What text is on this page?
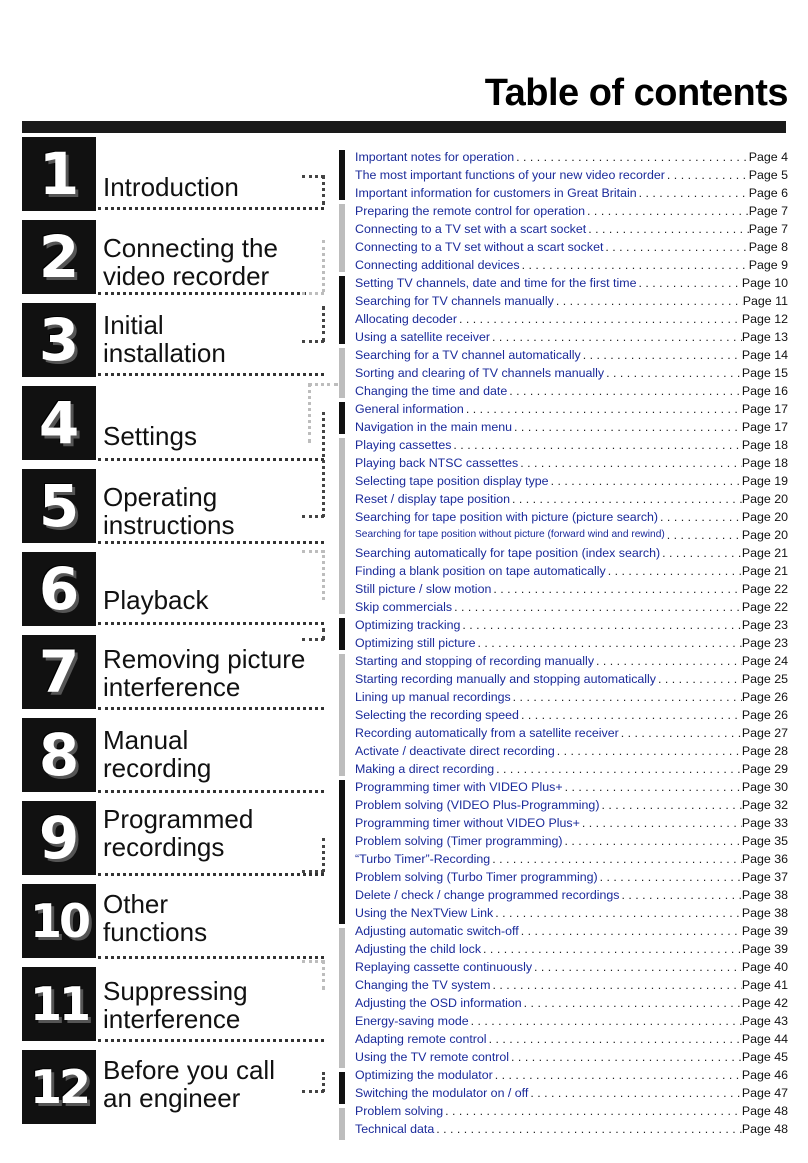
Table of contents
1 Introduction
2 Connecting the
video recorder
3 Initial
installation
4 Settings
5 Operating
instructions
6 Playback
7 Removing picture
interference
8 Manual
recording
9 Programmed
recordings
10 Other
functions
11 Suppressing
interference
12 Before you call
an engineer
Important notes for operation . . .	Page 4
The most important functions of your new video recorder . . .	Page 5
Important information for customers in Great Britain . . .	Page 6
Preparing the remote control for operation . . .	Page 7
Connecting to a TV set with a scart socket . . .	Page 7
Connecting to a TV set without a scart socket . . .	Page 8
Connecting additional devices . . .	Page 9
Setting TV channels, date and time for the first time . . .	Page 10
Searching for TV channels manually . . .	Page 11
Allocating decoder . . .	Page 12
Using a satellite receiver . . .	Page 13
Searching for a TV channel automatically . . .	Page 14
Sorting and clearing of TV channels manually . . .	Page 15
Changing the time and date . . .	Page 16
General information . . .	Page 17
Navigation in the main menu . . .	Page 17
Playing cassettes . . .	Page 18
Playing back NTSC cassettes . . .	Page 18
Selecting tape position display type . . .	Page 19
Reset / display tape position . . .	Page 20
Searching for tape position with picture (picture search) . . .	Page 20
Searching for tape position without picture (forward wind and rewind) . . .	Page 20
Searching automatically for tape position (index search) . . .	Page 21
Finding a blank position on tape automatically . . .	Page 21
Still picture / slow motion . . .	Page 22
Skip commercials . . .	Page 22
Optimizing tracking . . .	Page 23
Optimizing still picture . . .	Page 23
Starting and stopping of recording manually . . .	Page 24
Starting recording manually and stopping automatically . . .	Page 25
Lining up manual recordings . . .	Page 26
Selecting the recording speed . . .	Page 26
Recording automatically from a satellite receiver . . .	Page 27
Activate / deactivate direct recording . . .	Page 28
Making a direct recording . . .	Page 29
Programming timer with VIDEO Plus+ . . .	Page 30
Problem solving (VIDEO Plus-Programming) . . .	Page 32
Programming timer without VIDEO Plus+ . . .	Page 33
Problem solving (Timer programming) . . .	Page 35
“Turbo Timer”-Recording . . .	Page 36
Problem solving (Turbo Timer programming) . . .	Page 37
Delete / check / change programmed recordings . . .	Page 38
Using the NexTView Link . . .	Page 38
Adjusting automatic switch-off . . .	Page 39
Adjusting the child lock . . .	Page 39
Replaying cassette continuously . . .	Page 40
Changing the TV system . . .	Page 41
Adjusting the OSD information . . .	Page 42
Energy-saving mode . . .	Page 43
Adapting remote control . . .	Page 44
Using the TV remote control . . .	Page 45
Optimizing the modulator . . .	Page 46
Switching the modulator on / off . . .	Page 47
Problem solving . . .	Page 48
Technical data . . .	Page 48
